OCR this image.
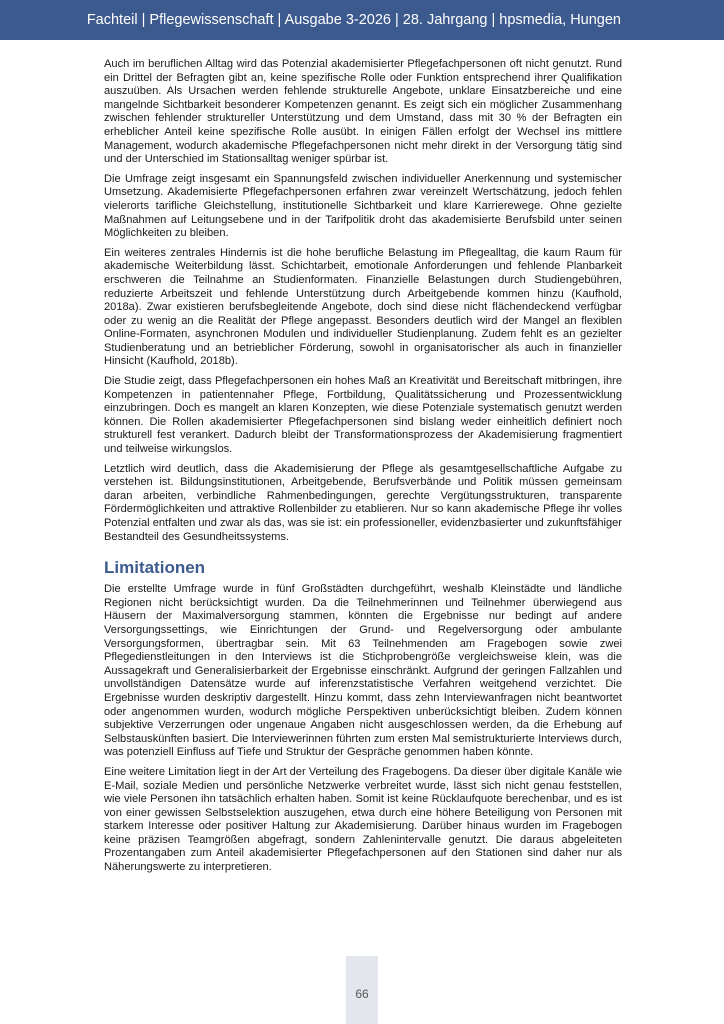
Fachteil | Pflegewissenschaft | Ausgabe 3-2026 | 28. Jahrgang | hpsmedia, Hungen

Auch im beruflichen Alltag wird das Potenzial akademisierter Pflegefachpersonen oft nicht genutzt. Rund ein Drittel der Befragten gibt an, keine spezifische Rolle oder Funktion entsprechend ihrer Qualifikation auszuüben. Als Ursachen werden fehlende strukturelle Angebote, unklare Einsatzbereiche und eine mangelnde Sichtbarkeit besonderer Kompetenzen genannt. Es zeigt sich ein möglicher Zusammenhang zwischen fehlender struktureller Unterstützung und dem Umstand, dass mit 30 % der Befragten ein erheblicher Anteil keine spezifische Rolle ausübt. In einigen Fällen erfolgt der Wechsel ins mittlere Management, wodurch akademische Pflegefachpersonen nicht mehr direkt in der Versorgung tätig sind und der Unterschied im Stationsalltag weniger spürbar ist.

Die Umfrage zeigt insgesamt ein Spannungsfeld zwischen individueller Anerkennung und systemischer Umsetzung. Akademisierte Pflegefachpersonen erfahren zwar vereinzelt Wertschätzung, jedoch fehlen vielerorts tarifliche Gleichstellung, institutionelle Sichtbarkeit und klare Karrierewege. Ohne gezielte Maßnahmen auf Leitungsebene und in der Tarifpolitik droht das akademisierte Berufsbild unter seinen Möglichkeiten zu bleiben.

Ein weiteres zentrales Hindernis ist die hohe berufliche Belastung im Pflegealltag, die kaum Raum für akademische Weiterbildung lässt. Schichtarbeit, emotionale Anforderungen und fehlende Planbarkeit erschweren die Teilnahme an Studienformaten. Finanzielle Belastungen durch Studiengebühren, reduzierte Arbeitszeit und fehlende Unterstützung durch Arbeitgebende kommen hinzu (Kaufhold, 2018a). Zwar existieren berufsbegleitende Angebote, doch sind diese nicht flächendeckend verfügbar oder zu wenig an die Realität der Pflege angepasst. Besonders deutlich wird der Mangel an flexiblen Online-Formaten, asynchronen Modulen und individueller Studienplanung. Zudem fehlt es an gezielter Studienberatung und an betrieblicher Förderung, sowohl in organisatorischer als auch in finanzieller Hinsicht (Kaufhold, 2018b).

Die Studie zeigt, dass Pflegefachpersonen ein hohes Maß an Kreativität und Bereitschaft mitbringen, ihre Kompetenzen in patientennaher Pflege, Fortbildung, Qualitätssicherung und Prozessentwicklung einzubringen. Doch es mangelt an klaren Konzepten, wie diese Potenziale systematisch genutzt werden können. Die Rollen akademisierter Pflegefachpersonen sind bislang weder einheitlich definiert noch strukturell fest verankert. Dadurch bleibt der Transformationsprozess der Akademisierung fragmentiert und teilweise wirkungslos.

Letztlich wird deutlich, dass die Akademisierung der Pflege als gesamtgesellschaftliche Aufgabe zu verstehen ist. Bildungsinstitutionen, Arbeitgebende, Berufsverbände und Politik müssen gemeinsam daran arbeiten, verbindliche Rahmenbedingungen, gerechte Vergütungsstrukturen, transparente Fördermöglichkeiten und attraktive Rollenbilder zu etablieren. Nur so kann akademische Pflege ihr volles Potenzial entfalten und zwar als das, was sie ist: ein professioneller, evidenzbasierter und zukunftsfähiger Bestandteil des Gesundheitssystems.

Limitationen

Die erstellte Umfrage wurde in fünf Großstädten durchgeführt, weshalb Kleinstädte und ländliche Regionen nicht berücksichtigt wurden. Da die Teilnehmerinnen und Teilnehmer überwiegend aus Häusern der Maximalversorgung stammen, könnten die Ergebnisse nur bedingt auf andere Versorgungssettings, wie Einrichtungen der Grund- und Regelversorgung oder ambulante Versorgungsformen, übertragbar sein. Mit 63 Teilnehmenden am Fragebogen sowie zwei Pflegedienstleitungen in den Interviews ist die Stichprobengröße vergleichsweise klein, was die Aussagekraft und Generalisierbarkeit der Ergebnisse einschränkt. Aufgrund der geringen Fallzahlen und unvollständigen Datensätze wurde auf inferenzstatistische Verfahren weitgehend verzichtet. Die Ergebnisse wurden deskriptiv dargestellt. Hinzu kommt, dass zehn Interviewanfragen nicht beantwortet oder angenommen wurden, wodurch mögliche Perspektiven unberücksichtigt bleiben. Zudem können subjektive Verzerrungen oder ungenaue Angaben nicht ausgeschlossen werden, da die Erhebung auf Selbstauskünften basiert. Die Interviewerinnen führten zum ersten Mal semistrukturierte Interviews durch, was potenziell Einfluss auf Tiefe und Struktur der Gespräche genommen haben könnte.

Eine weitere Limitation liegt in der Art der Verteilung des Fragebogens. Da dieser über digitale Kanäle wie E-Mail, soziale Medien und persönliche Netzwerke verbreitet wurde, lässt sich nicht genau feststellen, wie viele Personen ihn tatsächlich erhalten haben. Somit ist keine Rücklaufquote berechenbar, und es ist von einer gewissen Selbstselektion auszugehen, etwa durch eine höhere Beteiligung von Personen mit starkem Interesse oder positiver Haltung zur Akademisierung. Darüber hinaus wurden im Fragebogen keine präzisen Teamgrößen abgefragt, sondern Zahlenintervalle genutzt. Die daraus abgeleiteten Prozentangaben zum Anteil akademisierter Pflegefachpersonen auf den Stationen sind daher nur als Näherungswerte zu interpretieren.

66
